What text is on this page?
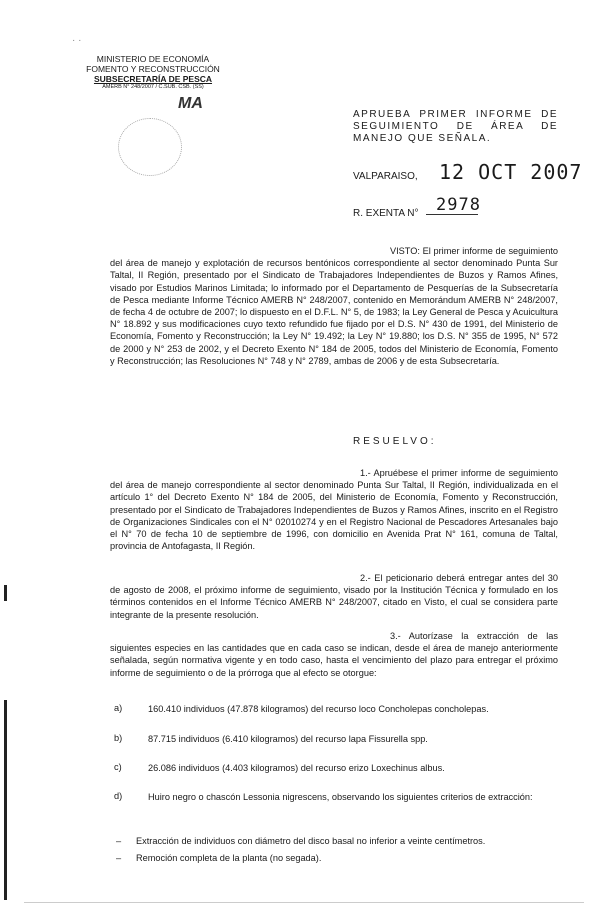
· ·
MINISTERIO DE ECONOMÍA
FOMENTO Y RECONSTRUCCIÓN
SUBSECRETARÍA DE PESCA
AMERB N° 248/2007 / C.SUB. CSB. (SS)
MA
APRUEBA PRIMER INFORME DE SEGUIMIENTO DE ÁREA DE MANEJO QUE SEÑALA.
VALPARAISO, 12 OCT 2007
R. EXENTA N° 2978
VISTO: El primer informe de seguimiento del área de manejo y explotación de recursos bentónicos correspondiente al sector denominado Punta Sur Taltal, II Región, presentado por el Sindicato de Trabajadores Independientes de Buzos y Ramos Afines, visado por Estudios Marinos Limitada; lo informado por el Departamento de Pesquerías de la Subsecretaría de Pesca mediante Informe Técnico AMERB N° 248/2007, contenido en Memorándum AMERB N° 248/2007, de fecha 4 de octubre de 2007; lo dispuesto en el D.F.L. N° 5, de 1983; la Ley General de Pesca y Acuicultura N° 18.892 y sus modificaciones cuyo texto refundido fue fijado por el D.S. N° 430 de 1991, del Ministerio de Economía, Fomento y Reconstrucción; la Ley N° 19.492; la Ley N° 19.880; los D.S. N° 355 de 1995, N° 572 de 2000 y N° 253 de 2002, y el Decreto Exento N° 184 de 2005, todos del Ministerio de Economía, Fomento y Reconstrucción; las Resoluciones N° 748 y N° 2789, ambas de 2006 y de esta Subsecretaría.
RESUELVO:
1.- Apruébese el primer informe de seguimiento del área de manejo correspondiente al sector denominado Punta Sur Taltal, II Región, individualizada en el artículo 1° del Decreto Exento N° 184 de 2005, del Ministerio de Economía, Fomento y Reconstrucción, presentado por el Sindicato de Trabajadores Independientes de Buzos y Ramos Afines, inscrito en el Registro de Organizaciones Sindicales con el N° 02010274 y en el Registro Nacional de Pescadores Artesanales bajo el N° 70 de fecha 10 de septiembre de 1996, con domicilio en Avenida Prat N° 161, comuna de Taltal, provincia de Antofagasta, II Región.
2.- El peticionario deberá entregar antes del 30 de agosto de 2008, el próximo informe de seguimiento, visado por la Institución Técnica y formulado en los términos contenidos en el Informe Técnico AMERB N° 248/2007, citado en Visto, el cual se considera parte integrante de la presente resolución.
3.- Autorízase la extracción de las siguientes especies en las cantidades que en cada caso se indican, desde el área de manejo anteriormente señalada, según normativa vigente y en todo caso, hasta el vencimiento del plazo para entregar el próximo informe de seguimiento o de la prórroga que al efecto se otorgue:
a)	160.410 individuos (47.878 kilogramos) del recurso loco Concholepas concholepas.
b)	87.715 individuos (6.410 kilogramos) del recurso lapa Fissurella spp.
c)	26.086 individuos (4.403 kilogramos) del recurso erizo Loxechinus albus.
d)	Huiro negro o chascón Lessonia nigrescens, observando los siguientes criterios de extracción:
– Extracción de individuos con diámetro del disco basal no inferior a veinte centímetros.
– Remoción completa de la planta (no segada).
